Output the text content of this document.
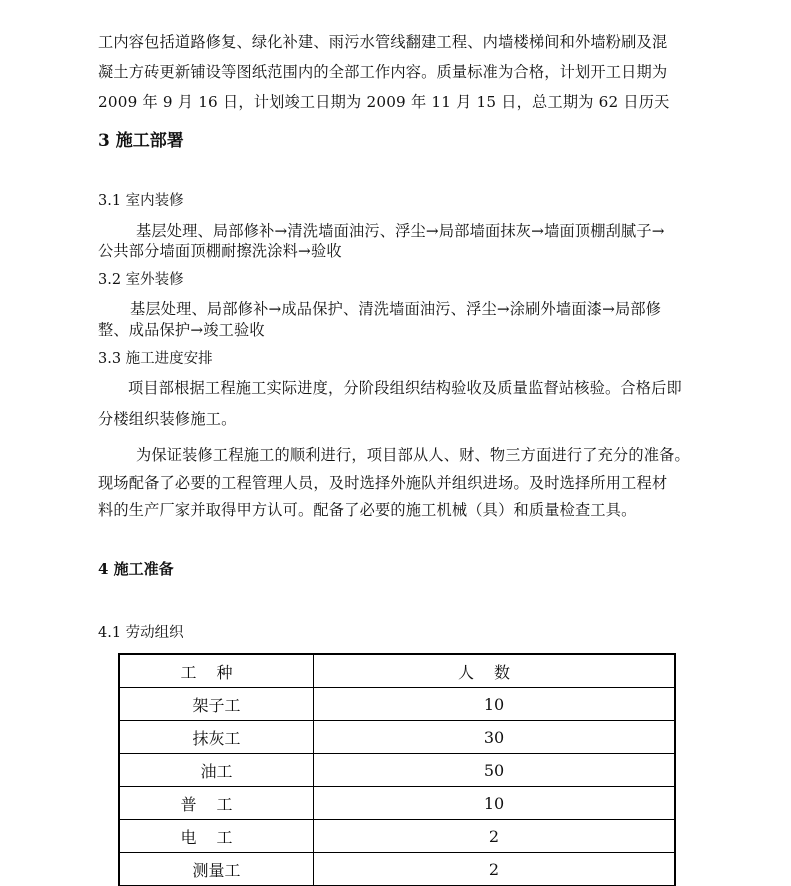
工内容包括道路修复、绿化补建、雨污水管线翻建工程、内墙楼梯间和外墙粉刷及混
凝土方砖更新铺设等图纸范围内的全部工作内容。质量标准为合格，计划开工日期为
2009 年 9 月 16 日，计划竣工日期为 2009 年 11 月 15 日，总工期为 62 日历天
3 施工部署
3.1 室内装修
基层处理、局部修补→清洗墙面油污、浮尘→局部墙面抹灰→墙面顶棚刮腻子→
公共部分墙面顶棚耐擦洗涂料→验收
3.2 室外装修
基层处理、局部修补→成品保护、清洗墙面油污、浮尘→涂刷外墙面漆→局部修
整、成品保护→竣工验收
3.3 施工进度安排
项目部根据工程施工实际进度，分阶段组织结构验收及质量监督站核验。合格后即
分楼组织装修施工。
为保证装修工程施工的顺利进行，项目部从人、财、物三方面进行了充分的准备。
现场配备了必要的工程管理人员，及时选择外施队并组织进场。及时选择所用工程材
料的生产厂家并取得甲方认可。配备了必要的施工机械（具）和质量检查工具。
4 施工准备
4.1 劳动组织
工种	人数
架子工	10
抹灰工	30
油工	50
普工	10
电工	2
测量工	2
